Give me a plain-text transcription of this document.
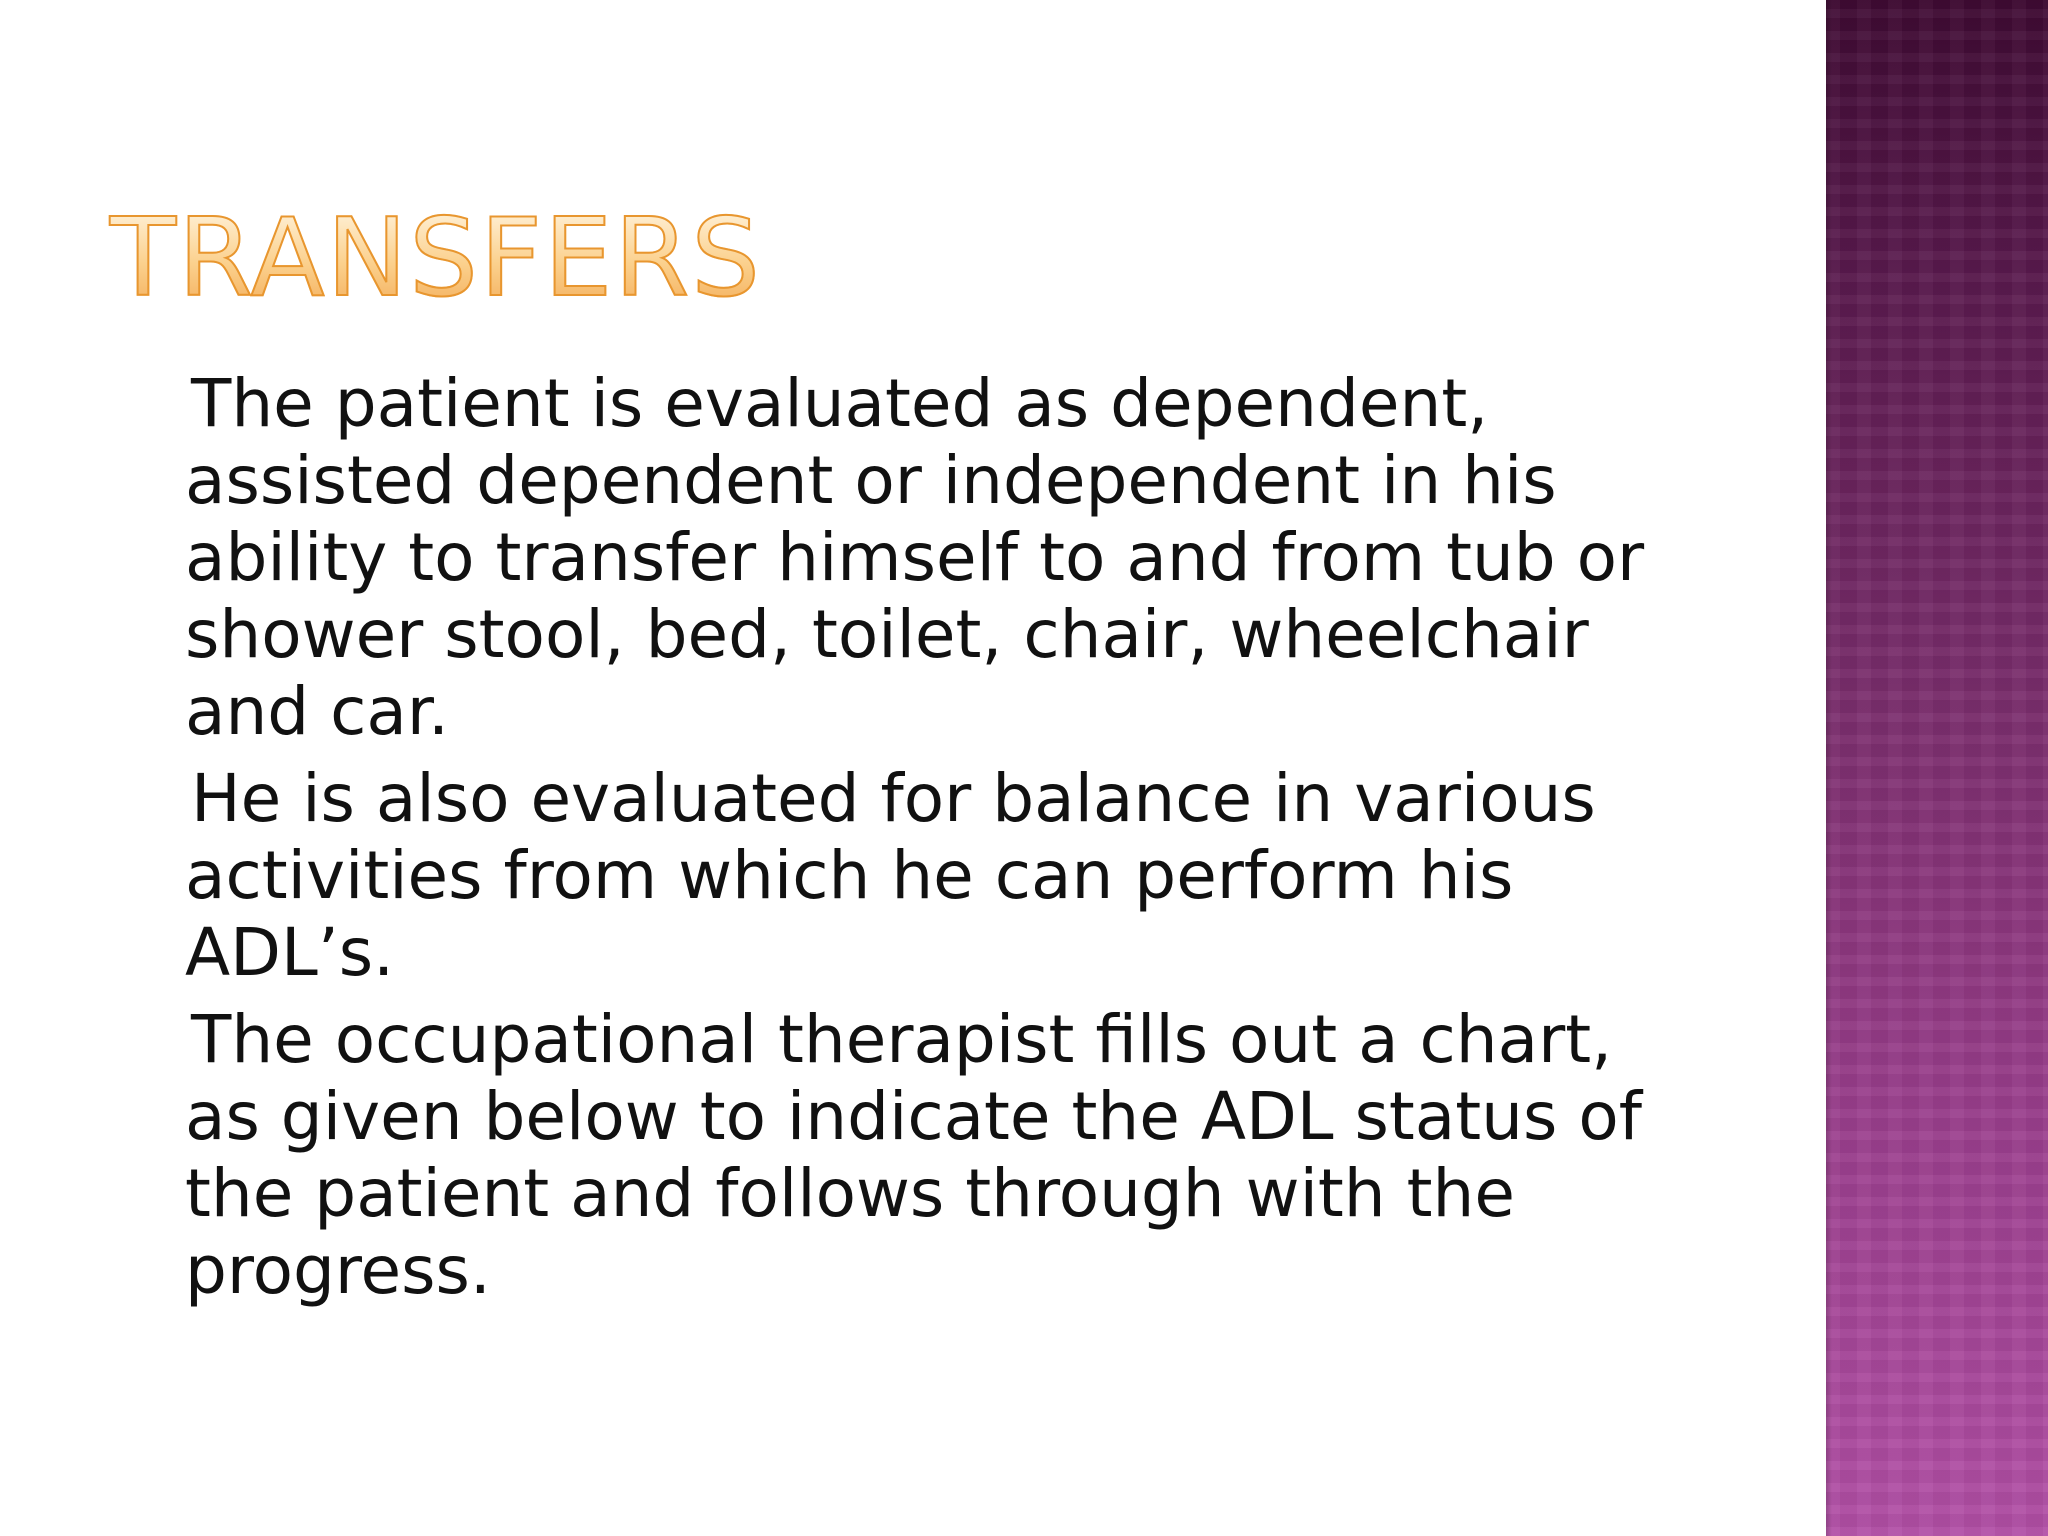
TRANSFERS

The patient is evaluated as dependent, assisted dependent or independent in his ability to transfer himself to and from tub or shower stool, bed, toilet, chair, wheelchair and car.

He is also evaluated for balance in various activities from which he can perform his ADL’s.

The occupational therapist fills out a chart, as given below to indicate the ADL status of the patient and follows through with the progress.
